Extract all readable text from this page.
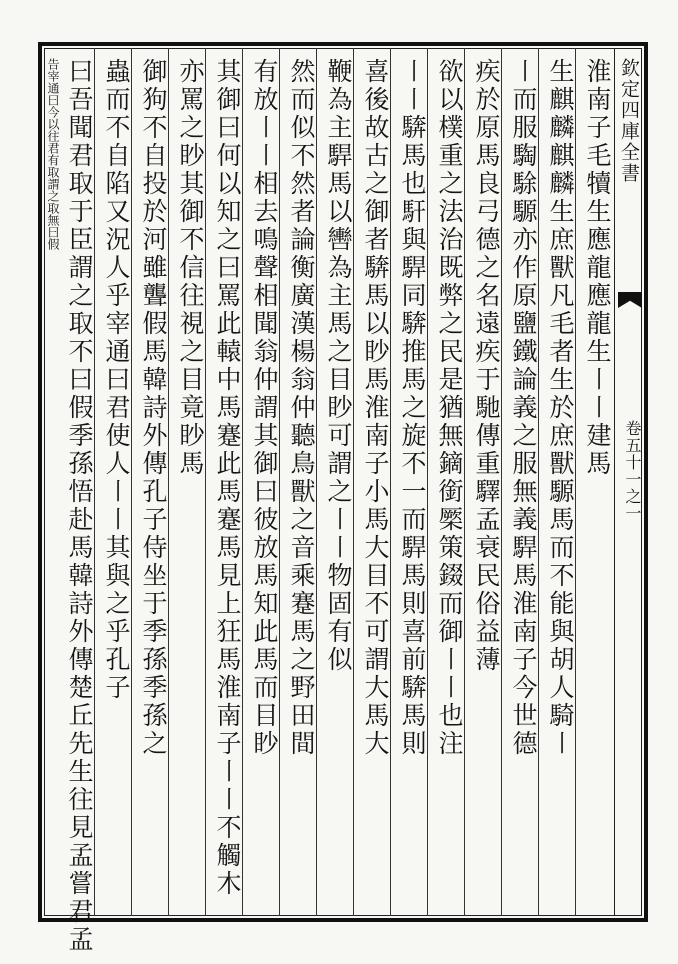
欽定四庫全書
卷五十一之一
淮南子毛犢生應龍應龍生〡〡建馬
生麒麟麒麟生庶獸凡毛者生於庶獸騵馬而不能與胡人騎〡
〡而服騊駼騵亦作原鹽鐵論義之服無義駻馬淮南子今世德
疾於原馬良弓德之名遠疾于馳傳重驛孟衰民俗益薄
欲以樸重之法治既弊之民是猶無鏑銜橜策錣而御〡〡也注
〡〡𩣺馬也馯與駻同𩣺推馬之旋不一而駻馬則喜前𩣺馬則
喜後故古之御者𩣺馬以眇馬淮南子小馬大目不可謂大馬大
鞭為主駻馬以轡為主馬之目眇可謂之〡〡物固有似
然而似不然者論衡廣漢楊翁仲聽鳥獸之音乘蹇馬之野田間
有放〡〡相去鳴聲相聞翁仲謂其御曰彼放馬知此馬而目眇
其御曰何以知之曰罵此轅中馬蹇此馬蹇馬見上狂馬淮南子〡〡不觸木
亦罵之眇其御不信往視之目竟眇馬
御狗不自投於河雖聾假馬韓詩外傳孔子侍坐于季孫季孫之
蟲而不自陷又況人乎宰通曰君使人〡〡其與之乎孔子
曰吾聞君取于臣謂之取不曰假季孫悟赴馬韓詩外傳楚丘先生往見孟嘗君孟
告宰通曰今以往君有取謂之取無曰假
